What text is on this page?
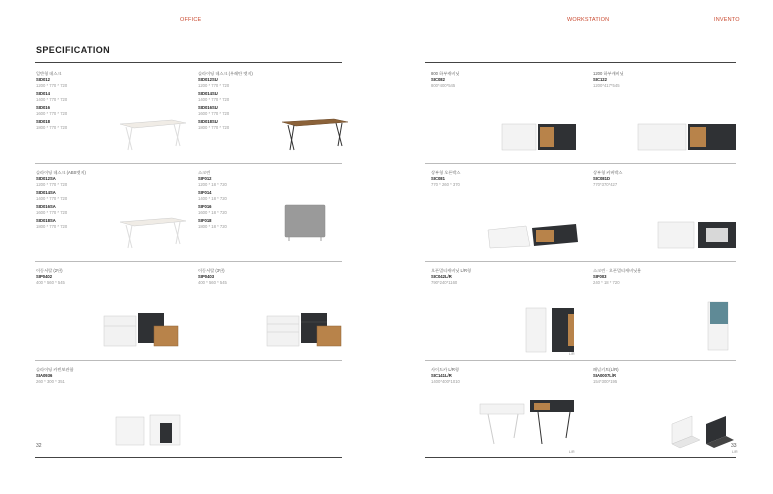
OFFICE	WORKSTATION	INVENTO
SPECIFICATION
일반형 데스크
SID012
1200 * 770 * 720
SID014
1400 * 770 * 720
SID016
1600 * 770 * 720
SID018
1800 * 770 * 720
슬라이딩 데스크 (우레탄 엣지)
SID012SU
1200 * 770 * 720
SID014SU
1400 * 770 * 720
SID016SU
1600 * 770 * 720
SID018SU
1800 * 770 * 720
슬라이딩 데스크 (ABS엣지)
SID012SA
1200 * 770 * 720
SID014SA
1400 * 770 * 720
SID016SA
1600 * 770 * 720
SID018SA
1800 * 770 * 720
스크린
SIF012
1200 * 18 * 720
SIF014
1400 * 18 * 720
SIF016
1600 * 18 * 720
SIF018
1800 * 18 * 720
이동서랍 (2단)
SIP0402
400 * 560 * 545
이동서랍 (3단)
SIP0403
400 * 560 * 545
슬라이딩 카빈보관함
SIA0936
260 * 300 * 351
800 하부캐비닛
SIC082
800*400*545
1200 하부캐비닛
SIC122
1200*417*545
상부형 오픈박스
SIC081
770 * 260 * 370
상부형 커버박스
SIC081D
770*370*427
오픈멀티캐비닛 L/R형
SIC042L/R
790*240*1160
스크린 · 오픈멀티캐비닛용
SIF003
240 * 18 * 720
사이드카 L/R형
SIC141L/R
1400*400*1010
패널키트(L/R)
SIA0007L/R
154*300*195
L/R
L/R	L/R
32	33
